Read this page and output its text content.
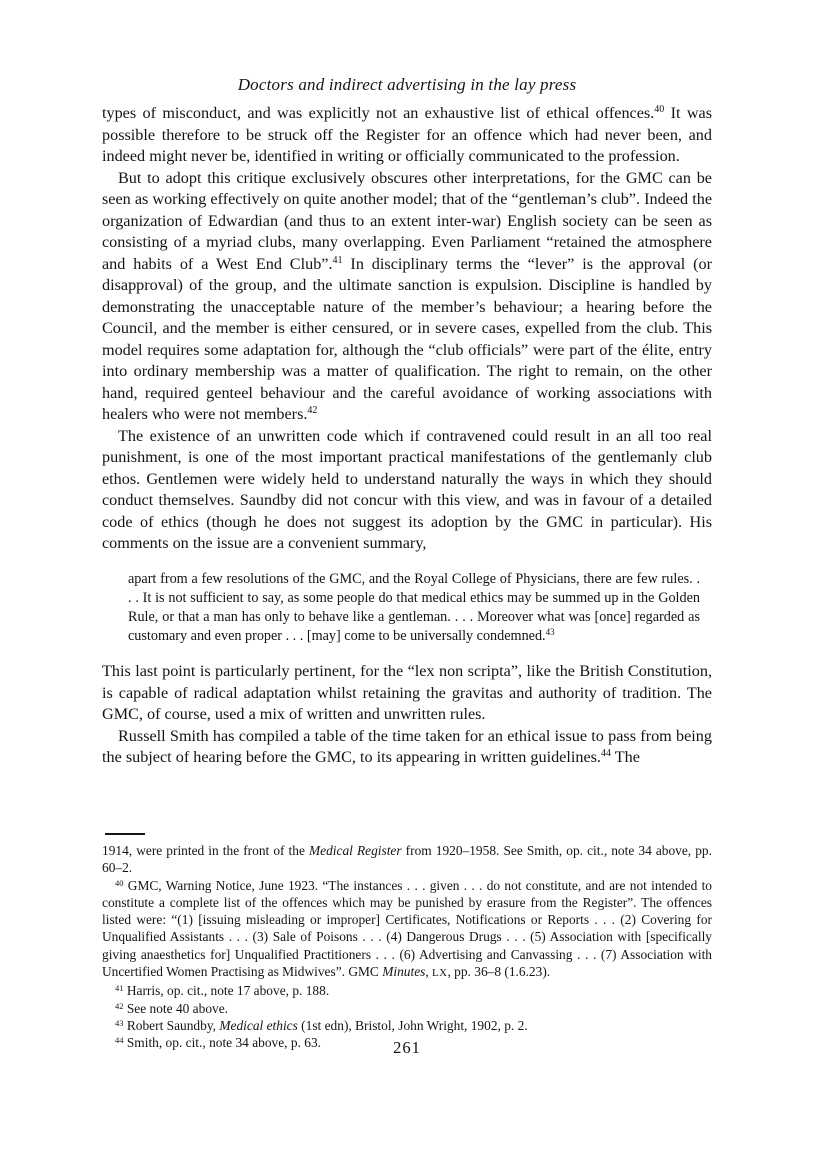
Doctors and indirect advertising in the lay press

types of misconduct, and was explicitly not an exhaustive list of ethical offences.$^{40}$ It was possible therefore to be struck off the Register for an offence which had never been, and indeed might never be, identified in writing or officially communicated to the profession.

But to adopt this critique exclusively obscures other interpretations, for the GMC can be seen as working effectively on quite another model; that of the “gentleman’s club”. Indeed the organization of Edwardian (and thus to an extent inter-war) English society can be seen as consisting of a myriad clubs, many overlapping. Even Parliament “retained the atmosphere and habits of a West End Club”.$^{41}$ In disciplinary terms the “lever” is the approval (or disapproval) of the group, and the ultimate sanction is expulsion. Discipline is handled by demonstrating the unacceptable nature of the member’s behaviour; a hearing before the Council, and the member is either censured, or in severe cases, expelled from the club. This model requires some adaptation for, although the “club officials” were part of the élite, entry into ordinary membership was a matter of qualification. The right to remain, on the other hand, required genteel behaviour and the careful avoidance of working associations with healers who were not members.$^{42}$

The existence of an unwritten code which if contravened could result in an all too real punishment, is one of the most important practical manifestations of the gentlemanly club ethos. Gentlemen were widely held to understand naturally the ways in which they should conduct themselves. Saundby did not concur with this view, and was in favour of a detailed code of ethics (though he does not suggest its adoption by the GMC in particular). His comments on the issue are a convenient summary,

apart from a few resolutions of the GMC, and the Royal College of Physicians, there are few rules. . . . It is not sufficient to say, as some people do that medical ethics may be summed up in the Golden Rule, or that a man has only to behave like a gentleman. . . . Moreover what was [once] regarded as customary and even proper . . . [may] come to be universally condemned.$^{43}$

This last point is particularly pertinent, for the “lex non scripta”, like the British Constitution, is capable of radical adaptation whilst retaining the gravitas and authority of tradition. The GMC, of course, used a mix of written and unwritten rules.

Russell Smith has compiled a table of the time taken for an ethical issue to pass from being the subject of hearing before the GMC, to its appearing in written guidelines.$^{44}$ The

1914, were printed in the front of the Medical Register from 1920–1958. See Smith, op. cit., note 34 above, pp. 60–2.

$^{40}$ GMC, Warning Notice, June 1923. “The instances . . . given . . . do not constitute, and are not intended to constitute a complete list of the offences which may be punished by erasure from the Register”. The offences listed were: “(1) [issuing misleading or improper] Certificates, Notifications or Reports . . . (2) Covering for Unqualified Assistants . . . (3) Sale of Poisons . . . (4) Dangerous Drugs . . . (5) Association with [specifically giving anaesthetics for] Unqualified Practitioners . . . (6) Advertising and Canvassing . . . (7) Association with Uncertified Women Practising as Midwives”. GMC Minutes, LX, pp. 36–8 (1.6.23).

$^{41}$ Harris, op. cit., note 17 above, p. 188.

$^{42}$ See note 40 above.

$^{43}$ Robert Saundby, Medical ethics (1st edn), Bristol, John Wright, 1902, p. 2.

$^{44}$ Smith, op. cit., note 34 above, p. 63.	261
